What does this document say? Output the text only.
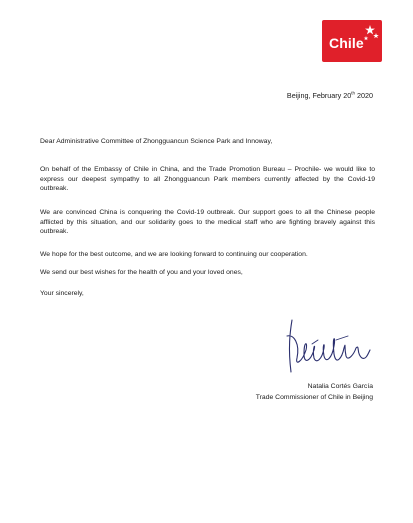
Chile
Beijing, February 20th 2020
Dear Administrative Committee of Zhongguancun Science Park and Innoway,
On behalf of the Embassy of Chile in China, and the Trade Promotion Bureau – Prochile- we would like to express our deepest sympathy to all Zhongguancun Park members currently affected by the Covid-19 outbreak.
We are convinced China is conquering the Covid-19 outbreak. Our support goes to all the Chinese people afflicted by this situation, and our solidarity goes to the medical staff who are fighting bravely against this outbreak.
We hope for the best outcome, and we are looking forward to continuing our cooperation.
We send our best wishes for the health of you and your loved ones,
Your sincerely,
Natalia Cortés García
Trade Commissioner of Chile in Beijing
